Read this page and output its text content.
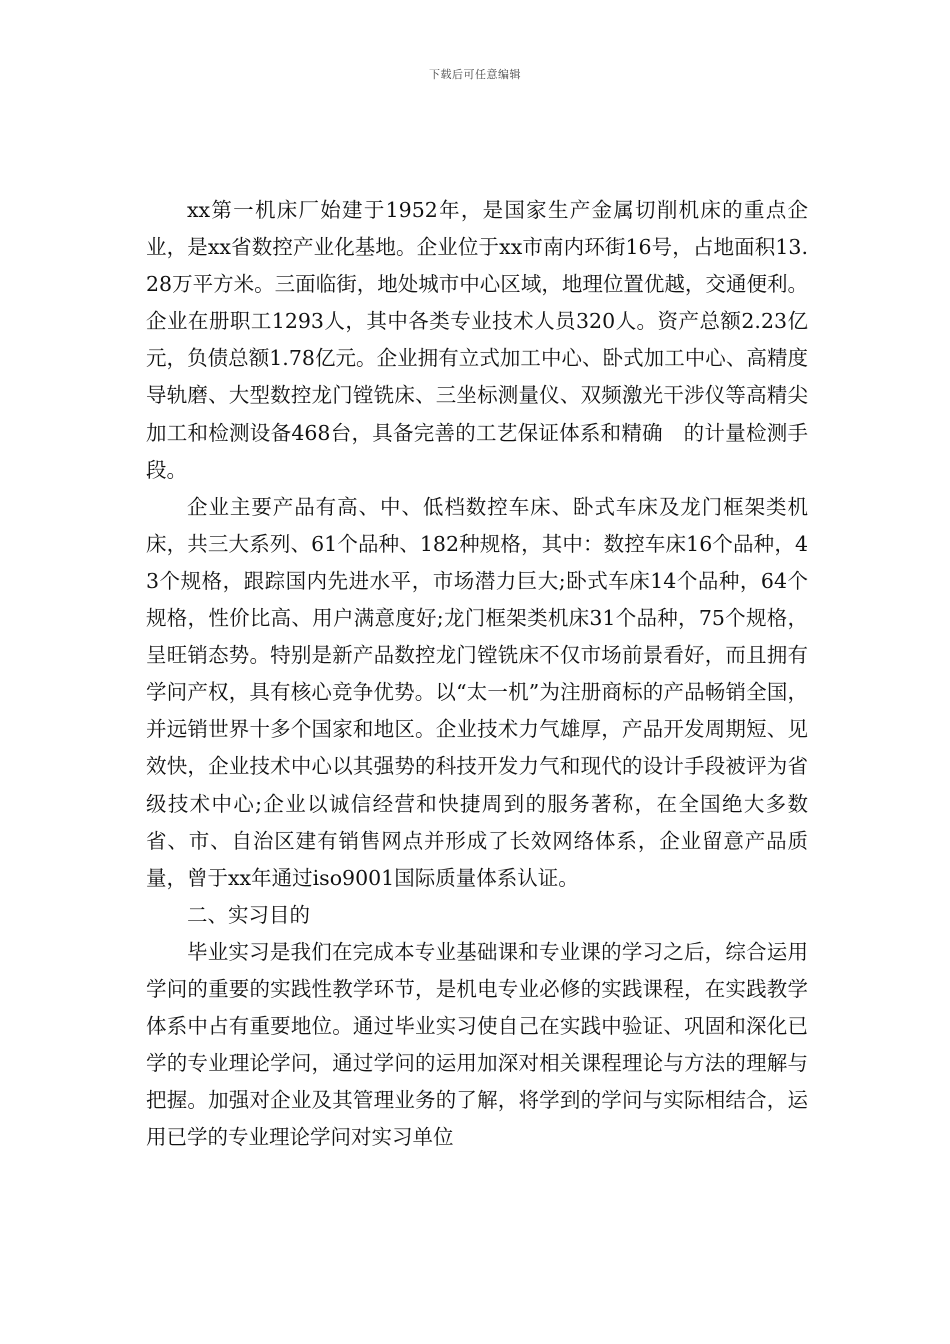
下载后可任意编辑

xx第一机床厂始建于1952年，是国家生产金属切削机床的重点企业，是xx省数控产业化基地。企业位于xx市南内环街16号，占地面积13.28万平方米。三面临街，地处城市中心区域，地理位置优越，交通便利。企业在册职工1293人，其中各类专业技术人员320人。资产总额2.23亿元，负债总额1.78亿元。企业拥有立式加工中心、卧式加工中心、高精度导轨磨、大型数控龙门镗铣床、三坐标测量仪、双频激光干涉仪等高精尖加工和检测设备468台，具备完善的工艺保证体系和精确　的计量检测手段。

企业主要产品有高、中、低档数控车床、卧式车床及龙门框架类机床，共三大系列、61个品种、182种规格，其中：数控车床16个品种，43个规格，跟踪国内先进水平，市场潜力巨大;卧式车床14个品种，64个规格，性价比高、用户满意度好;龙门框架类机床31个品种，75个规格，呈旺销态势。特别是新产品数控龙门镗铣床不仅市场前景看好，而且拥有学问产权，具有核心竞争优势。以“太一机”为注册商标的产品畅销全国，并远销世界十多个国家和地区。企业技术力气雄厚，产品开发周期短、见效快，企业技术中心以其强势的科技开发力气和现代的设计手段被评为省级技术中心;企业以诚信经营和快捷周到的服务著称，在全国绝大多数省、市、自治区建有销售网点并形成了长效网络体系，企业留意产品质量，曾于xx年通过iso9001国际质量体系认证。

二、实习目的

毕业实习是我们在完成本专业基础课和专业课的学习之后，综合运用学问的重要的实践性教学环节，是机电专业必修的实践课程，在实践教学体系中占有重要地位。通过毕业实习使自己在实践中验证、巩固和深化已学的专业理论学问，通过学问的运用加深对相关课程理论与方法的理解与把握。加强对企业及其管理业务的了解，将学到的学问与实际相结合，运用已学的专业理论学问对实习单位
